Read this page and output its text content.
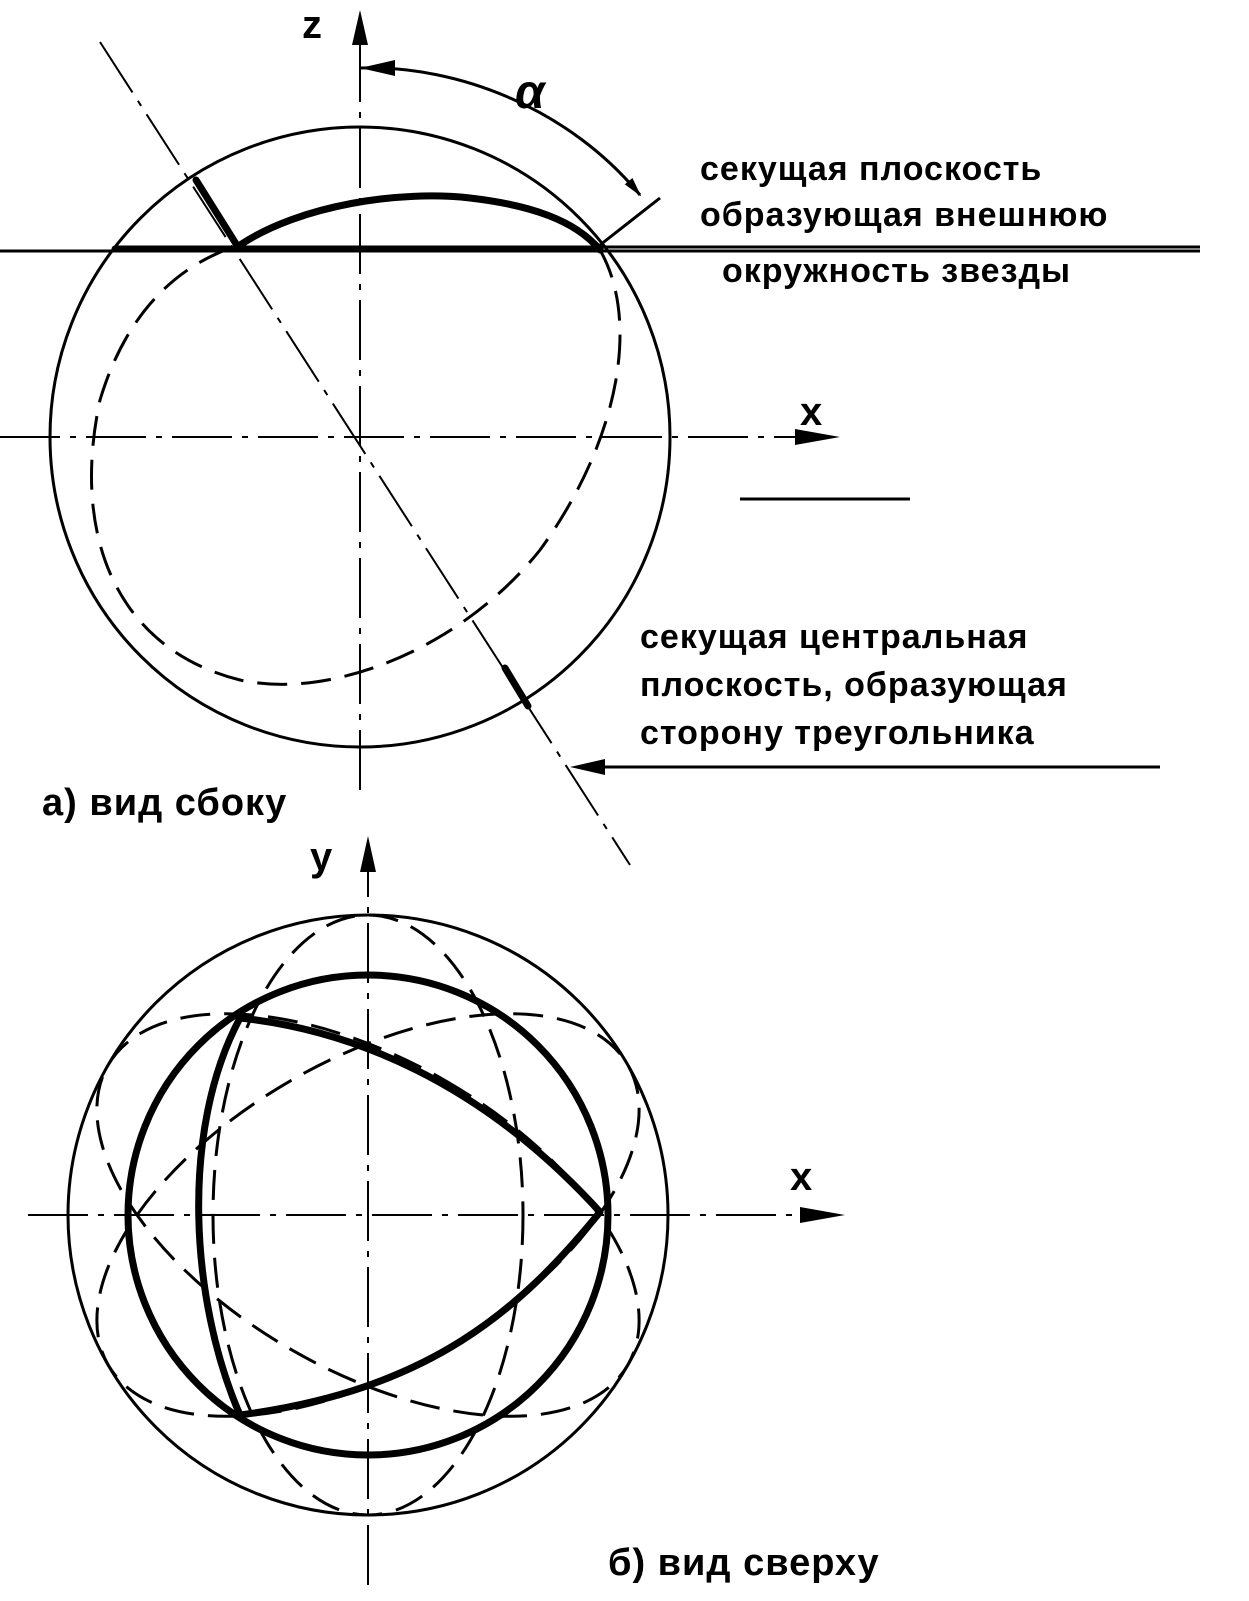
z
x
α
секущая плоскость
образующая внешнюю
окружность звезды
секущая центральная
плоскость, образующая
сторону треугольника
а) вид сбоку
y
x
б) вид сверху
